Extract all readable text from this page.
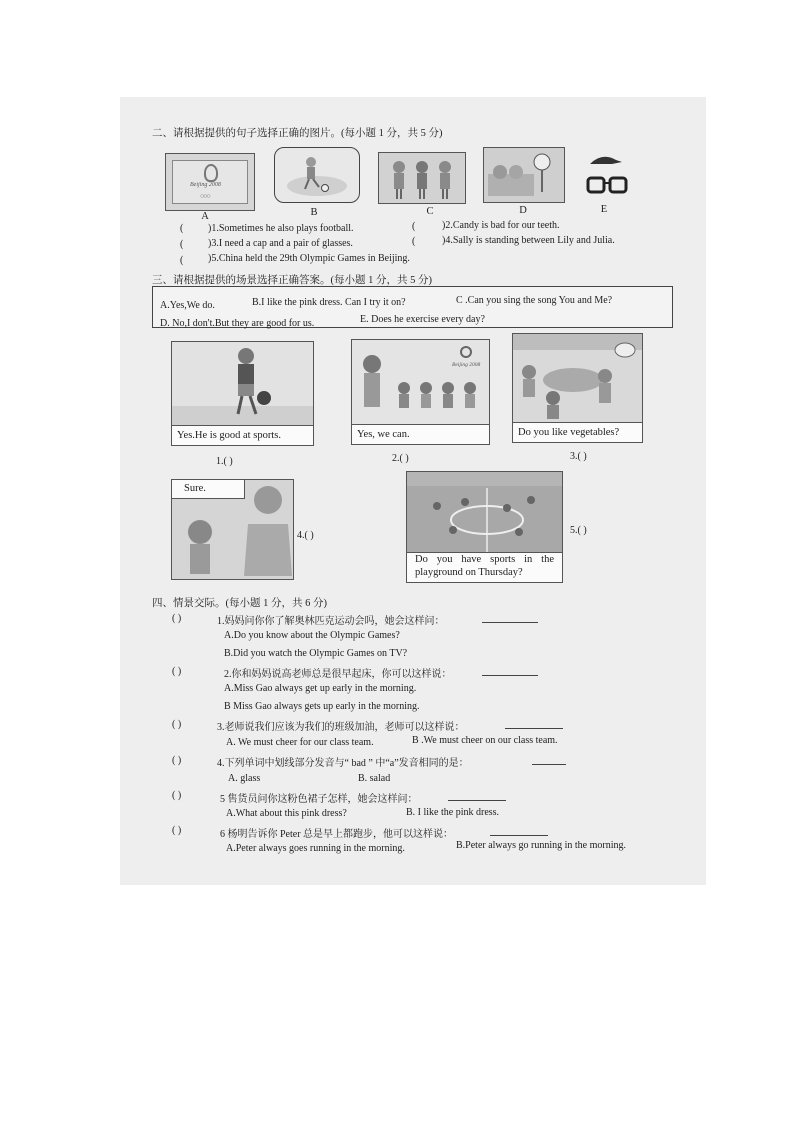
二、请根据提供的句子选择正确的图片。(每小题 1 分，共 5 分)
Beijing 2008
○○○
A	B	C	D	E
( )1.Sometimes he also plays football.	(	)2.Candy is bad for our teeth.
( )3.I need a cap and a pair of glasses.	(	)4.Sally is standing between Lily and Julia.
( )5.China held the 29th Olympic Games in Beijing.
三、请根据提供的场景选择正确答案。(每小题 1 分，共 5 分)
A.Yes,We do.	B.I like the pink dress. Can I try it on?	C .Can you sing the song You and Me?
D. No,I don't.But they are good for us.	E. Does he exercise every day?
Yes.He is good at sports.
1.( )
Beijing 2008
Yes, we can.
2.( )
Do you like vegetables?
3.( )
Sure.
4.( )
Do you have sports in the playground on Thursday?
5.( )
四、情景交际。(每小题 1 分，共 6 分)
( )	1.妈妈问你你了解奥林匹克运动会吗，她会这样问：
A.Do you know about the Olympic Games?
B.Did you watch the Olympic Games on TV?
( )	2.你和妈妈说高老师总是很早起床，你可以这样说：
A.Miss Gao always get up early in the morning.
B Miss Gao always gets up early in the morning.
( )	3.老师说我们应该为我们的班级加油，老师可以这样说：
A. We must cheer for our class team.	B .We must cheer on our class team.
( )	4.下列单词中划线部分发音与“ bad ” 中“a”发音相同的是：
A. glass	B. salad
( )	5 售货员问你这粉色裙子怎样，她会这样问：
A.What about this pink dress?	B. I like the pink dress.
( )	6 杨明告诉你 Peter 总是早上都跑步，他可以这样说：
A.Peter always goes running in the morning.	B.Peter always go running in the morning.
